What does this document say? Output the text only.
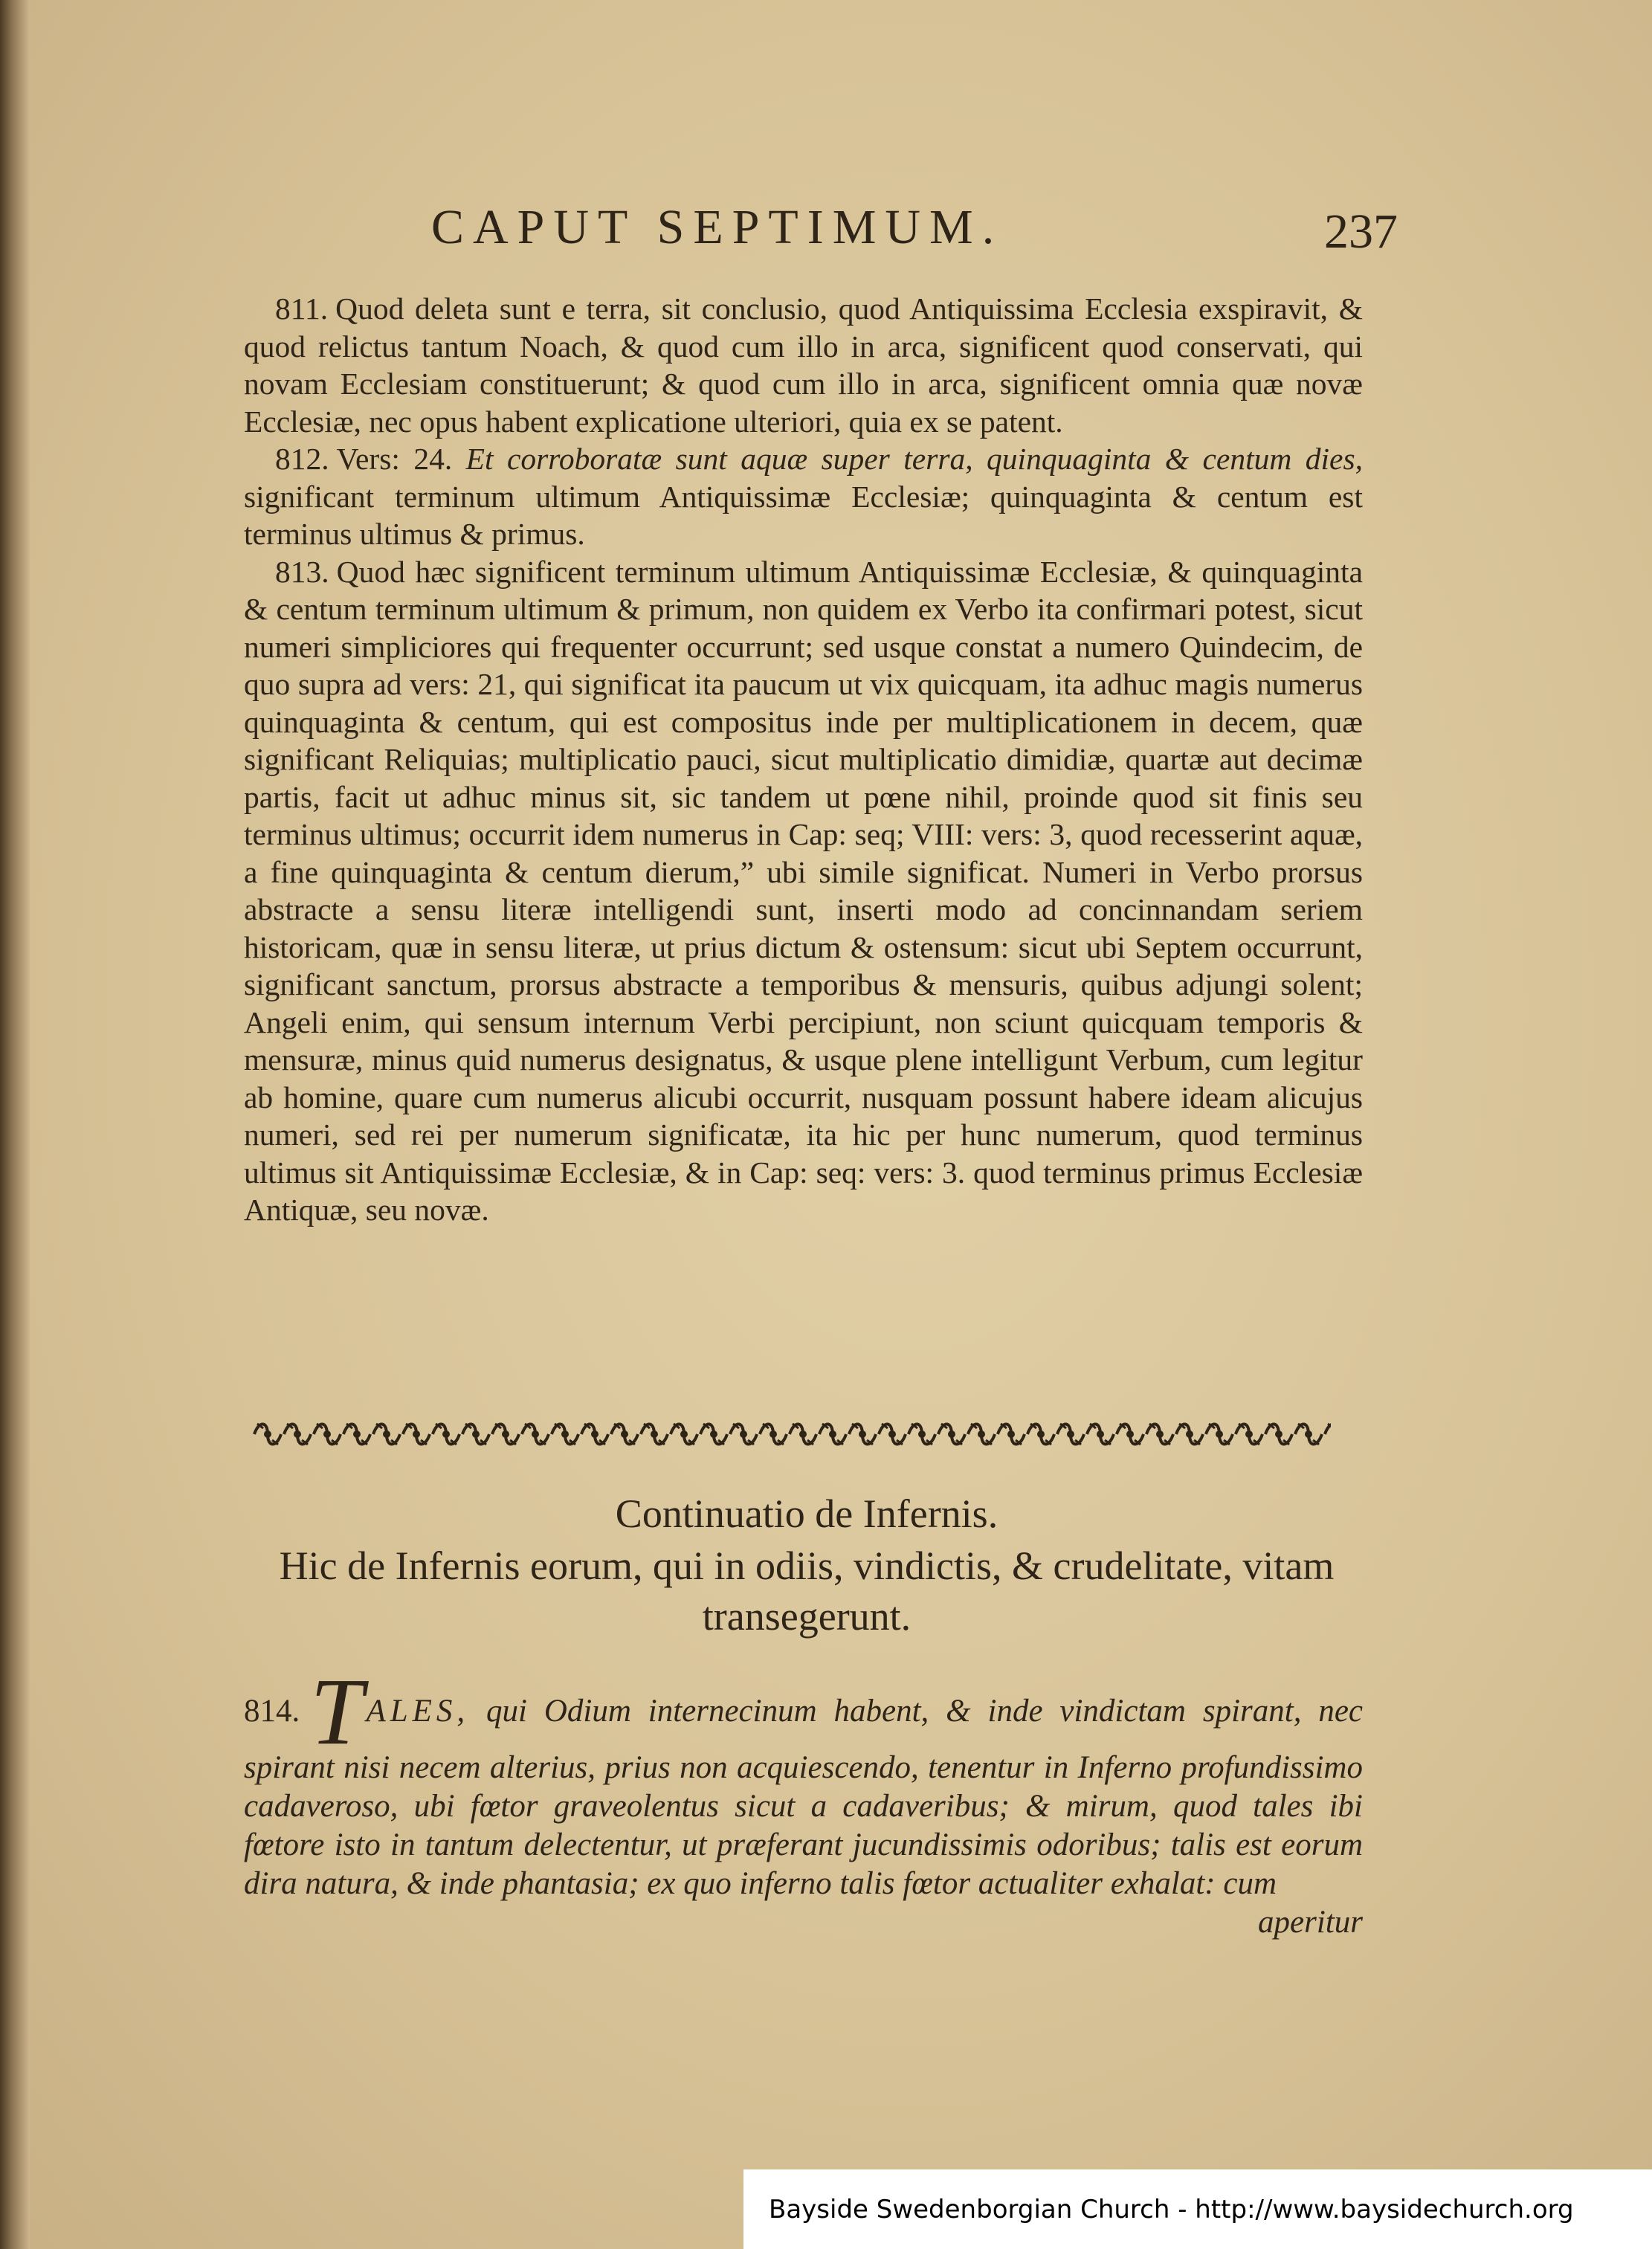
CAPUT SEPTIMUM.	237

811. Quod deleta sunt e terra, sit conclusio, quod Antiquissima Ecclesia exspiravit, & quod relictus tantum Noach, & quod cum illo in arca, significent quod conservati, qui novam Ecclesiam constituerunt; & quod cum illo in arca, significent omnia quæ novæ Ecclesiæ, nec opus habent explicatione ulteriori, quia ex se patent.

812. Vers: 24. Et corroboratæ sunt aquæ super terra, quinquaginta & centum dies, significant terminum ultimum Antiquissimæ Ecclesiæ; quinquaginta & centum est terminus ultimus & primus.

813. Quod hæc significent terminum ultimum Antiquissimæ Ecclesiæ, & quinquaginta & centum terminum ultimum & primum, non quidem ex Verbo ita confirmari potest, sicut numeri simpliciores qui frequenter occurrunt; sed usque constat a numero Quindecim, de quo supra ad vers: 21, qui significat ita paucum ut vix quicquam, ita adhuc magis numerus quinquaginta & centum, qui est compositus inde per multiplicationem in decem, quæ significant Reliquias; multiplicatio pauci, sicut multiplicatio dimidiæ, quartæ aut decimæ partis, facit ut adhuc minus sit, sic tandem ut pœne nihil, proinde quod sit finis seu terminus ultimus; occurrit idem numerus in Cap: seq; VIII: vers: 3, quod recesserint aquæ, a fine quinquaginta & centum dierum,” ubi simile significat. Numeri in Verbo prorsus abstracte a sensu literæ intelligendi sunt, inserti modo ad concinnandam seriem historicam, quæ in sensu literæ, ut prius dictum & ostensum: sicut ubi Septem occurrunt, significant sanctum, prorsus abstracte a temporibus & mensuris, quibus adjungi solent; Angeli enim, qui sensum internum Verbi percipiunt, non sciunt quicquam temporis & mensuræ, minus quid numerus designatus, & usque plene intelligunt Verbum, cum legitur ab homine, quare cum numerus alicubi occurrit, nusquam possunt habere ideam alicujus numeri, sed rei per numerum significatæ, ita hic per hunc numerum, quod terminus ultimus sit Antiquissimæ Ecclesiæ, & in Cap: seq: vers: 3. quod terminus primus Ecclesiæ Antiquæ, seu novæ.

Continuatio de Infernis.
Hic de Infernis eorum, qui in odiis, vindictis, & crudelitate, vitam transegerunt.
814. TALES, qui Odium internecinum habent, & inde vindictam spirant, nec spirant nisi necem alterius, prius non acquiescendo, tenentur in Inferno profundissimo cadaveroso, ubi fœtor graveolentus sicut a cadaveribus; & mirum, quod tales ibi fœtore isto in tantum delectentur, ut præferant jucundissimis odoribus; talis est eorum dira natura, & inde phantasia; ex quo inferno talis fœtor actualiter exhalat: cum
aperitur
Bayside Swedenborgian Church - http://www.baysidechurch.org
